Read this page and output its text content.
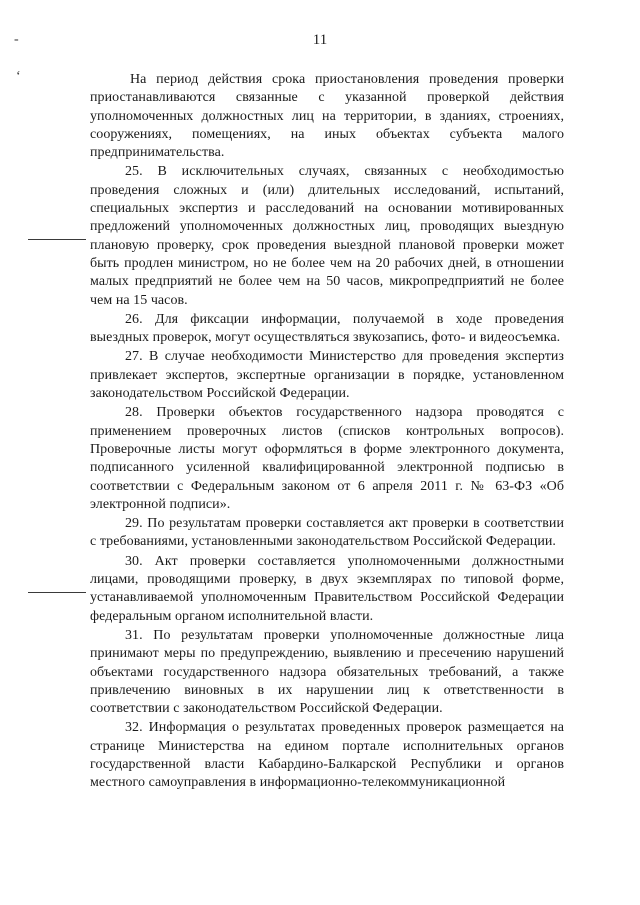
-
‘
11

На период действия срока приостановления проведения проверки приостанавливаются связанные с указанной проверкой действия уполномоченных должностных лиц на территории, в зданиях, строениях, сооружениях, помещениях, на иных объектах субъекта малого предпринимательства.

25. В исключительных случаях, связанных с необходимостью проведения сложных и (или) длительных исследований, испытаний, специальных экспертиз и расследований на основании мотивированных предложений уполномоченных должностных лиц, проводящих выездную плановую проверку, срок проведения выездной плановой проверки может быть продлен министром, но не более чем на 20 рабочих дней, в отношении малых предприятий не более чем на 50 часов, микропредприятий не более чем на 15 часов.

26. Для фиксации информации, получаемой в ходе проведения выездных проверок, могут осуществляться звукозапись, фото- и видеосъемка.

27. В случае необходимости Министерство для проведения экспертиз привлекает экспертов, экспертные организации в порядке, установленном законодательством Российской Федерации.

28. Проверки объектов государственного надзора проводятся с применением проверочных листов (списков контрольных вопросов). Проверочные листы могут оформляться в форме электронного документа, подписанного усиленной квалифицированной электронной подписью в соответствии с Федеральным законом от 6 апреля 2011 г. № 63-ФЗ «Об электронной подписи».

29. По результатам проверки составляется акт проверки в соответствии с требованиями, установленными законодательством Российской Федерации.

30. Акт проверки составляется уполномоченными должностными лицами, проводящими проверку, в двух экземплярах по типовой форме, устанавливаемой уполномоченным Правительством Российской Федерации федеральным органом исполнительной власти.

31. По результатам проверки уполномоченные должностные лица принимают меры по предупреждению, выявлению и пресечению нарушений объектами государственного надзора обязательных требований, а также привлечению виновных в их нарушении лиц к ответственности в соответствии с законодательством Российской Федерации.

32. Информация о результатах проведенных проверок размещается на странице Министерства на едином портале исполнительных органов государственной власти Кабардино-Балкарской Республики и органов местного самоуправления в информационно-телекоммуникационной
